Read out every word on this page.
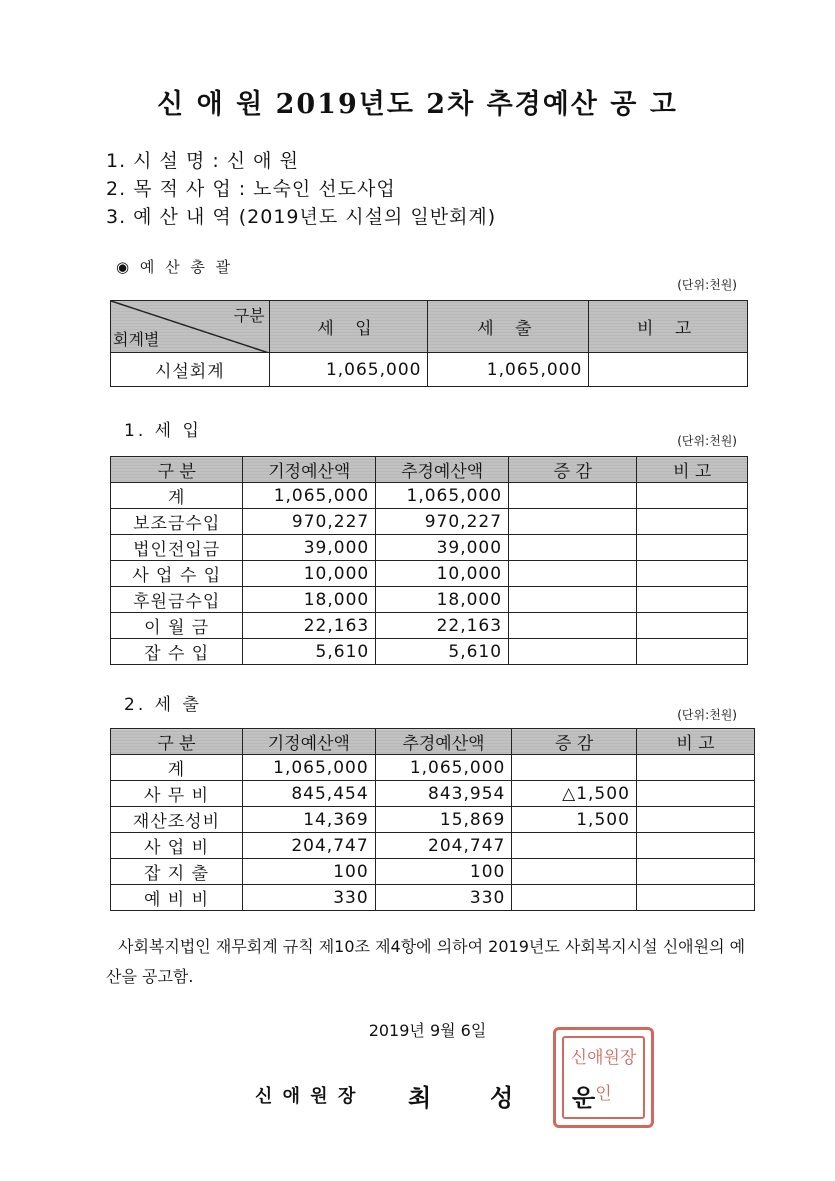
신 애 원 2019년도 2차 추경예산 공 고
1. 시 설 명 : 신 애 원
2. 목 적 사 업 : 노숙인 선도사업
3. 예 산 내 역 (2019년도 시설의 일반회계)
◉ 예 산 총 괄
(단위:천원)
구분
회계별	세 입	세 출	비 고
시설회계	1,065,000	1,065,000	
1. 세 입	(단위:천원)
구 분	기정예산액	추경예산액	증 감	비 고
계	1,065,000	1,065,000		
보조금수입	970,227	970,227		
법인전입금	39,000	39,000		
사 업 수 입	10,000	10,000		
후원금수입	18,000	18,000		
이 월 금	22,163	22,163		
잡 수 입	5,610	5,610		
2. 세 출	(단위:천원)
구 분	기정예산액	추경예산액	증 감	비 고
계	1,065,000	1,065,000		
사 무 비	845,454	843,954	△1,500	
재산조성비	14,369	15,869	1,500	
사 업 비	204,747	204,747		
잡 지 출	100	100		
예 비 비	330	330		
사회복지법인 재무회계 규칙 제10조 제4항에 의하여 2019년도 사회복지시설 신애원의 예산을 공고함.
2019년 9월 6일
신 애 원 장 최 성 운
신애원장인
